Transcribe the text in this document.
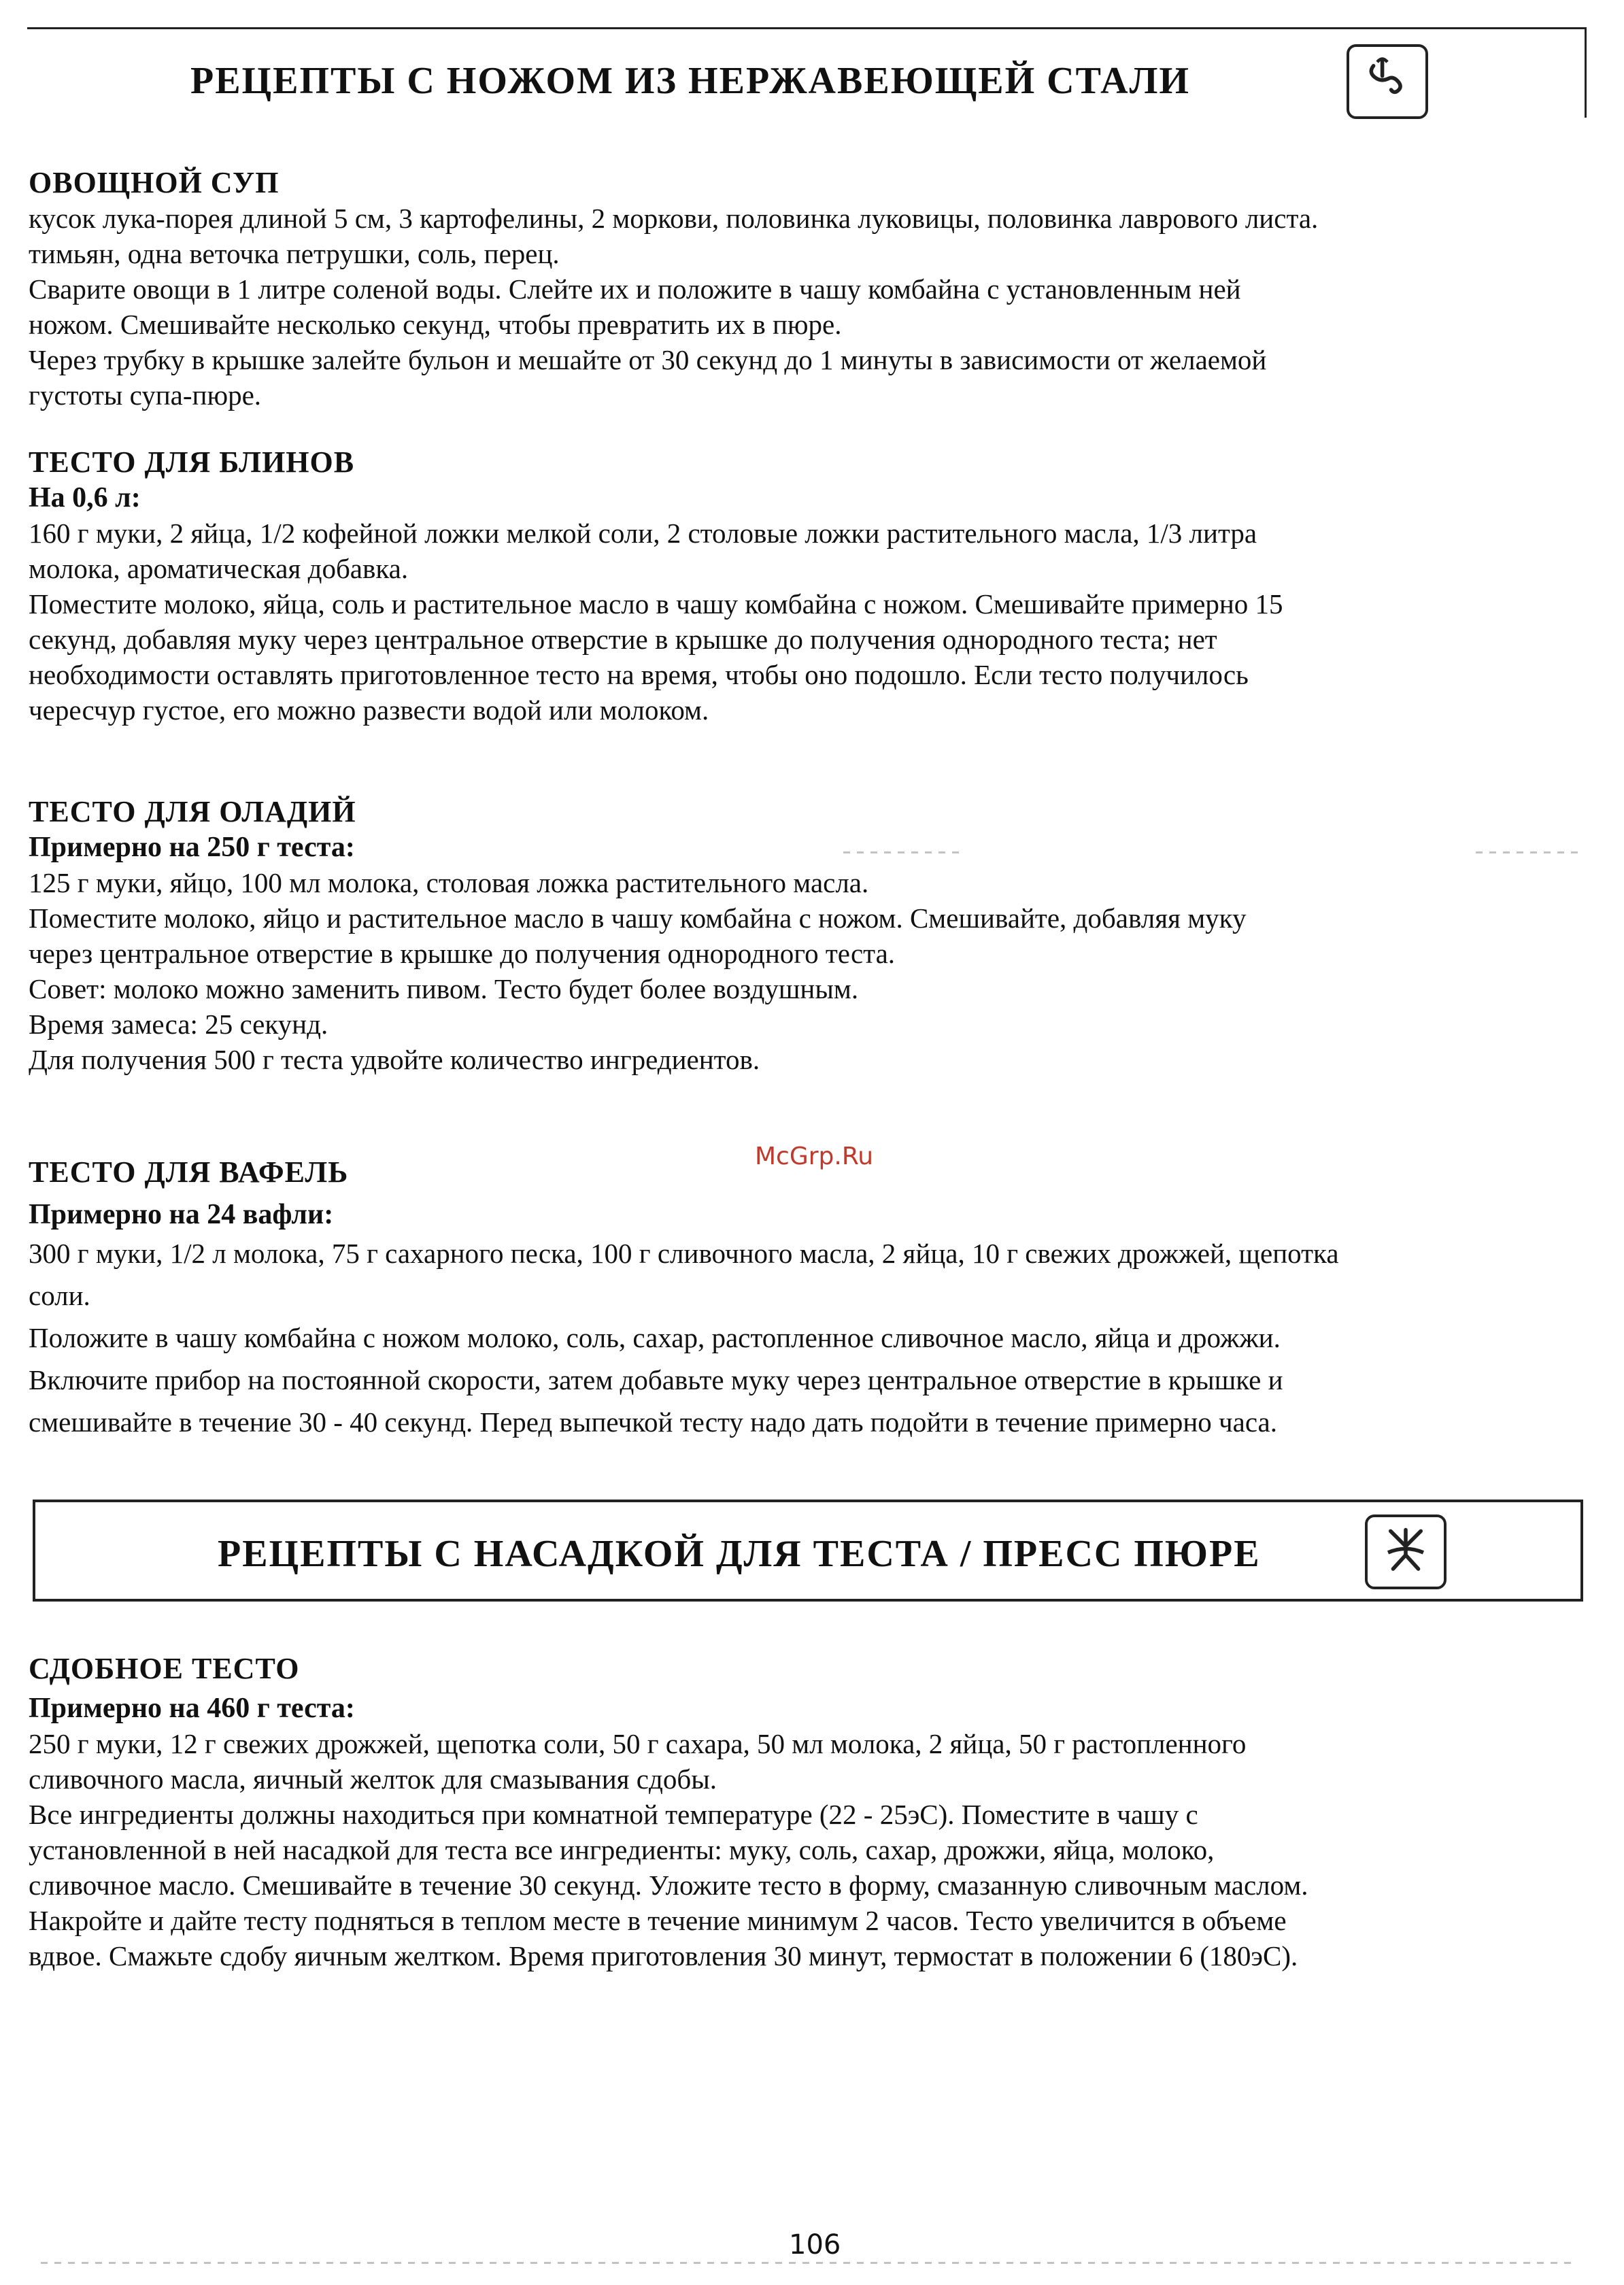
РЕЦЕПТЫ С НОЖОМ ИЗ НЕРЖАВЕЮЩЕЙ СТАЛИ
ОВОЩНОЙ СУП

кусок лука-порея длиной 5 см, 3 картофелины, 2 моркови, половинка луковицы, половинка лаврового листа.

тимьян, одна веточка петрушки, соль, перец.

Сварите овощи в 1 литре соленой воды. Слейте их и положите в чашу комбайна с установленным ней

ножом. Смешивайте несколько секунд, чтобы превратить их в пюре.

Через трубку в крышке залейте бульон и мешайте от 30 секунд до 1 минуты в зависимости от желаемой

густоты супа-пюре.

ТЕСТО ДЛЯ БЛИНОВ
На 0,6 л:

160 г муки, 2 яйца, 1/2 кофейной ложки мелкой соли, 2 столовые ложки растительного масла, 1/3 литра

молока, ароматическая добавка.

Поместите молоко, яйца, соль и растительное масло в чашу комбайна с ножом. Смешивайте примерно 15

секунд, добавляя муку через центральное отверстие в крышке до получения однородного теста; нет

необходимости оставлять приготовленное тесто на время, чтобы оно подошло. Если тесто получилось

чересчур густое, его можно развести водой или молоком.

ТЕСТО ДЛЯ ОЛАДИЙ
Примерно на 250 г теста:

125 г муки, яйцо, 100 мл молока, столовая ложка растительного масла.

Поместите молоко, яйцо и растительное масло в чашу комбайна с ножом. Смешивайте, добавляя муку

через центральное отверстие в крышке до получения однородного теста.

Совет: молоко можно заменить пивом. Тесто будет более воздушным.

Время замеса: 25 секунд.

Для получения 500 г теста удвойте количество ингредиентов.

McGrp.Ru
ТЕСТО ДЛЯ ВАФЕЛЬ
Примерно на 24 вафли:

300 г муки, 1/2 л молока, 75 г сахарного песка, 100 г сливочного масла, 2 яйца, 10 г свежих дрожжей, щепотка

соли.

Положите в чашу комбайна с ножом молоко, соль, сахар, растопленное сливочное масло, яйца и дрожжи.

Включите прибор на постоянной скорости, затем добавьте муку через центральное отверстие в крышке и

смешивайте в течение 30 - 40 секунд. Перед выпечкой тесту надо дать подойти в течение примерно часа.

РЕЦЕПТЫ С НАСАДКОЙ ДЛЯ ТЕСТА / ПРЕСС ПЮРЕ
СДОБНОЕ ТЕСТО
Примерно на 460 г теста:

250 г муки, 12 г свежих дрожжей, щепотка соли, 50 г сахара, 50 мл молока, 2 яйца, 50 г растопленного

сливочного масла, яичный желток для смазывания сдобы.

Все ингредиенты должны находиться при комнатной температуре (22 - 25эС). Поместите в чашу с

установленной в ней насадкой для теста все ингредиенты: муку, соль, сахар, дрожжи, яйца, молоко,

сливочное масло. Смешивайте в течение 30 секунд. Уложите тесто в форму, смазанную сливочным маслом.

Накройте и дайте тесту подняться в теплом месте в течение минимум 2 часов. Тесто увеличится в объеме

вдвое. Смажьте сдобу яичным желтком. Время приготовления 30 минут, термостат в положении 6 (180эС).

106
